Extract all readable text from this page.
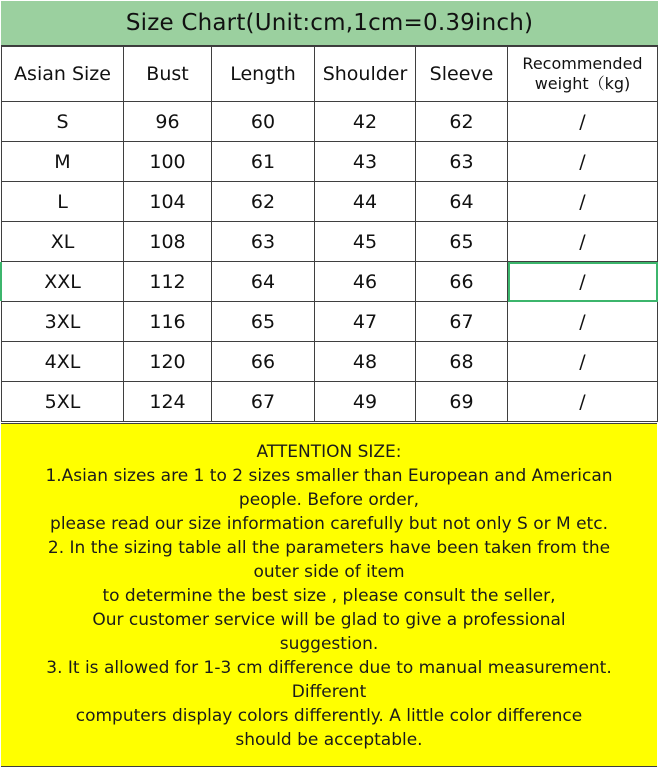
Size Chart(Unit:cm,1cm=0.39inch)
Asian Size	Bust	Length	Shoulder	Sleeve	Recommended
weight（kg)

S	96	60	42	62	/
M	100	61	43	63	/
L	104	62	44	64	/
XL	108	63	45	65	/
XXL	112	64	46	66	/
3XL	116	65	47	67	/
4XL	120	66	48	68	/
5XL	124	67	49	69	/
ATTENTION SIZE:
1.Asian sizes are 1 to 2 sizes smaller than European and American
people. Before order,
please read our size information carefully but not only S or M etc.
2. In the sizing table all the parameters have been taken from the
outer side of item
to determine the best size , please consult the seller,
Our customer service will be glad to give a professional
suggestion.
3. It is allowed for 1-3 cm difference due to manual measurement.
Different
computers display colors differently. A little color difference
should be acceptable.
